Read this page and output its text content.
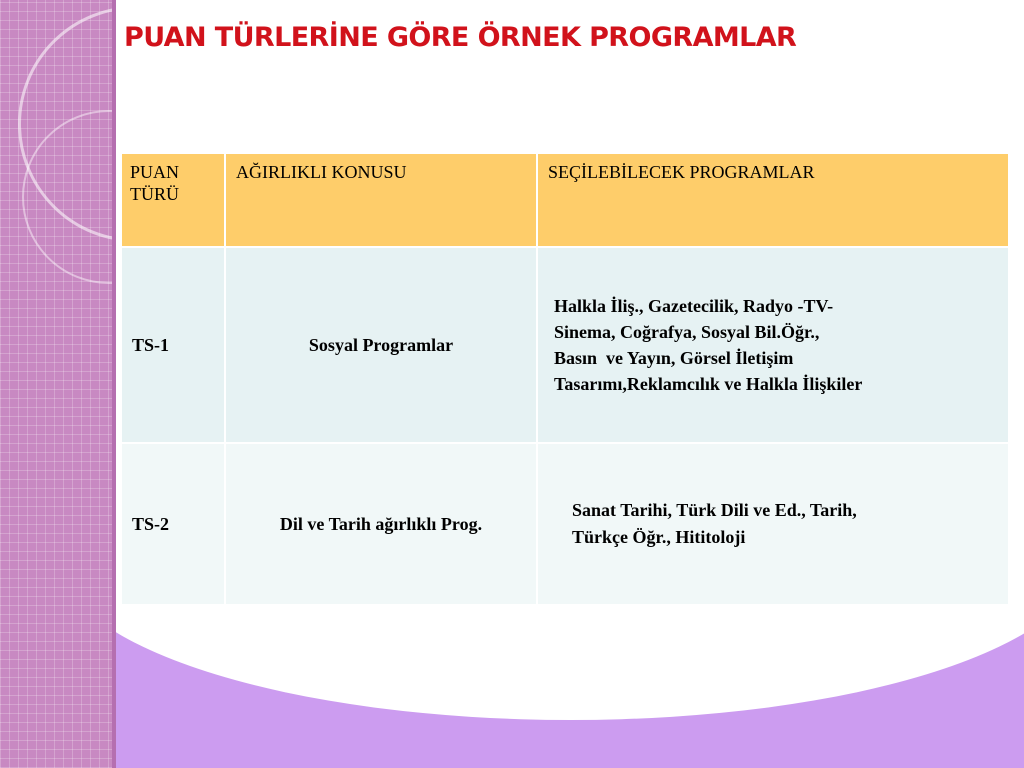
PUAN TÜRLERİNE GÖRE ÖRNEK PROGRAMLAR
PUAN
TÜRÜ	AĞIRLIKLI KONUSU	SEÇİLEBİLECEK PROGRAMLAR
TS-1	Sosyal Programlar	Halkla İliş., Gazetecilik, Radyo -TV-
Sinema, Coğrafya, Sosyal Bil.Öğr.,
Basın  ve Yayın, Görsel İletişim
Tasarımı,Reklamcılık ve Halkla İlişkiler

TS-2	Dil ve Tarih ağırlıklı Prog.	Sanat Tarihi, Türk Dili ve Ed., Tarih,
Türkçe Öğr., Hititoloji
